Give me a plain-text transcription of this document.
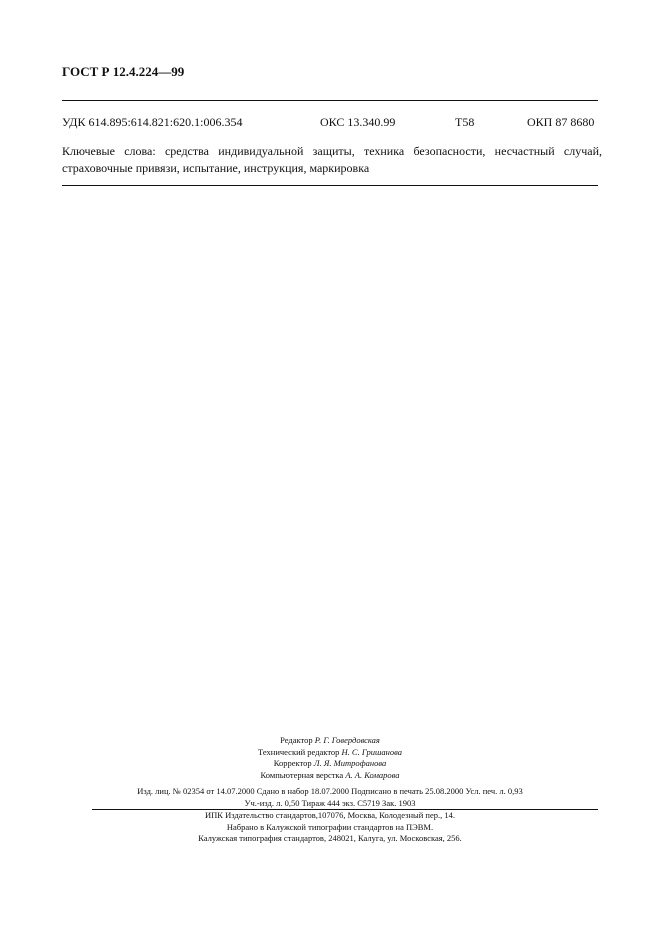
ГОСТ Р 12.4.224—99
УДК 614.895:614.821:620.1:006.354	ОКС 13.340.99	Т58	ОКП 87 8680
Ключевые слова: средства индивидуальной защиты, техника безопасности, несчастный случай, страховочные привязи, испытание, инструкция, маркировка
Редактор Р. Г. Говердовская
Технический редактор Н. С. Гришанова
Корректор Л. Я. Митрофанова
Компьютерная верстка А. А. Комарова
Изд. лиц. № 02354 от 14.07.2000 Сдано в набор 18.07.2000 Подписано в печать 25.08.2000 Усл. печ. л. 0,93
Уч.-изд. л. 0,50 Тираж 444 экз. С5719 Зак. 1903
ИПК Издательство стандартов,107076, Москва, Колодезный пер., 14.
Набрано в Калужской типографии стандартов на ПЭВМ.
Калужская типография стандартов, 248021, Калуга, ул. Московская, 256.
